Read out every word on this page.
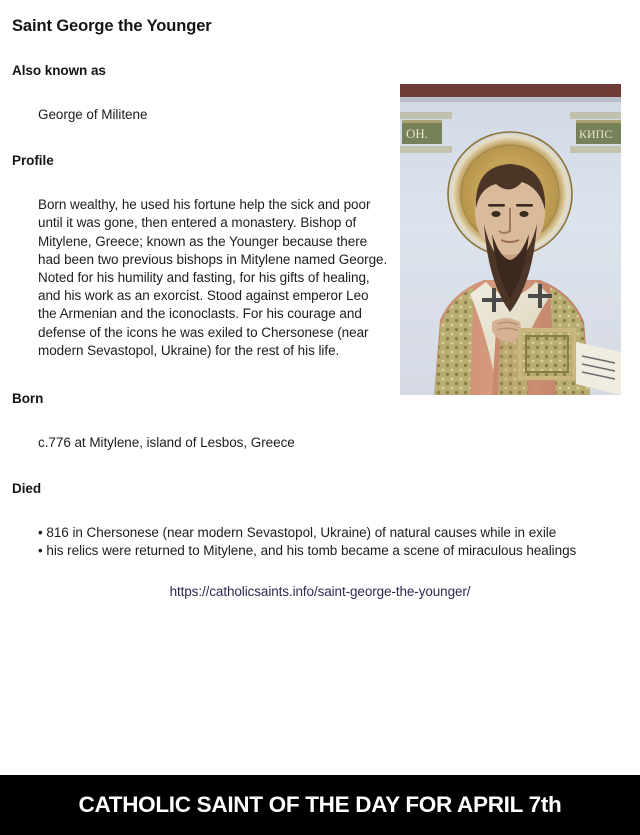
ОН.	КИПС
Saint George the Younger
Also known as
George of Militene
Profile
Born wealthy, he used his fortune help the sick and poor until it was gone, then entered a monastery. Bishop of Mitylene, Greece; known as the Younger because there had been two previous bishops in Mitylene named George. Noted for his humility and fasting, for his gifts of healing, and his work as an exorcist. Stood against emperor Leo the Armenian and the iconoclasts. For his courage and defense of the icons he was exiled to Chersonese (near modern Sevastopol, Ukraine) for the rest of his life.
Born
c.776 at Mitylene, island of Lesbos, Greece
Died
• 816 in Chersonese (near modern Sevastopol, Ukraine) of natural causes while in exile
• his relics were returned to Mitylene, and his tomb became a scene of miraculous healings
https://catholicsaints.info/saint-george-the-younger/
CATHOLIC SAINT OF THE DAY FOR APRIL 7th
